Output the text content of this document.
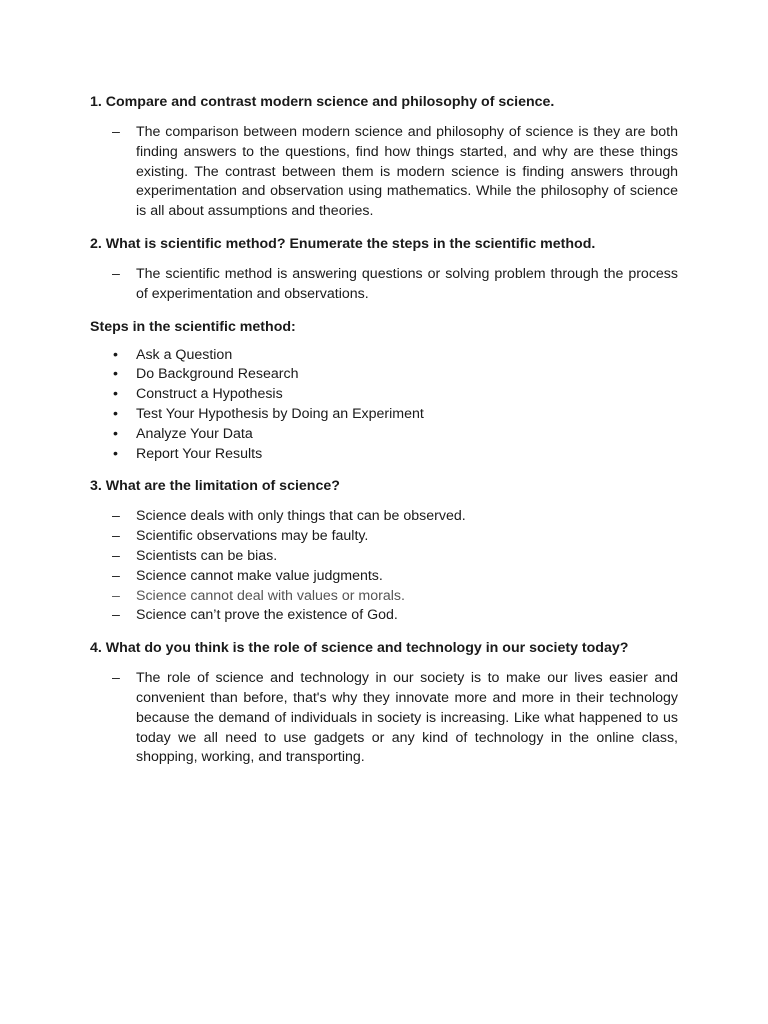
1. Compare and contrast modern science and philosophy of science.
– The comparison between modern science and philosophy of science is they are both finding answers to the questions, find how things started, and why are these things existing. The contrast between them is modern science is finding answers through experimentation and observation using mathematics. While the philosophy of science is all about assumptions and theories.
2. What is scientific method? Enumerate the steps in the scientific method.
– The scientific method is answering questions or solving problem through the process of experimentation and observations.
Steps in the scientific method:
• Ask a Question
• Do Background Research
• Construct a Hypothesis
• Test Your Hypothesis by Doing an Experiment
• Analyze Your Data
• Report Your Results
3. What are the limitation of science?
– Science deals with only things that can be observed.
– Scientific observations may be faulty.
– Scientists can be bias.
– Science cannot make value judgments.
– Science cannot deal with values or morals.
– Science can’t prove the existence of God.
4. What do you think is the role of science and technology in our society today?
– The role of science and technology in our society is to make our lives easier and convenient than before, that's why they innovate more and more in their technology because the demand of individuals in society is increasing. Like what happened to us today we all need to use gadgets or any kind of technology in the online class, shopping, working, and transporting.
